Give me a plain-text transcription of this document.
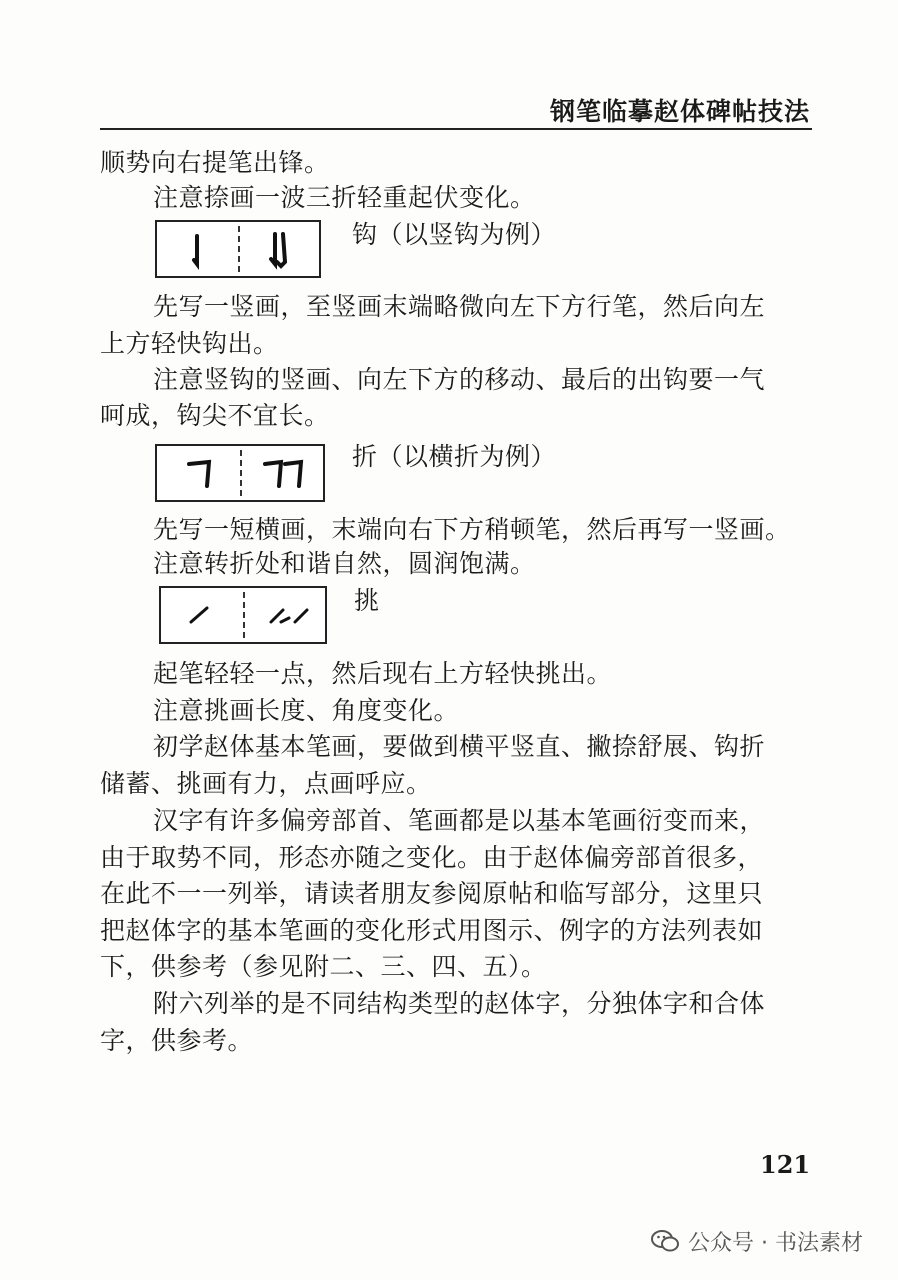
钢笔临摹赵体碑帖技法
顺势向右提笔出锋。
注意捺画一波三折轻重起伏变化。
钩（以竖钩为例）
先写一竖画，至竖画末端略微向左下方行笔，然后向左
上方轻快钩出。
注意竖钩的竖画、向左下方的移动、最后的出钩要一气
呵成，钩尖不宜长。
折（以横折为例）
先写一短横画，末端向右下方稍顿笔，然后再写一竖画。
注意转折处和谐自然，圆润饱满。
挑
起笔轻轻一点，然后现右上方轻快挑出。
注意挑画长度、角度变化。
初学赵体基本笔画，要做到横平竖直、撇捺舒展、钩折
储蓄、挑画有力，点画呼应。
汉字有许多偏旁部首、笔画都是以基本笔画衍变而来，
由于取势不同，形态亦随之变化。由于赵体偏旁部首很多，
在此不一一列举，请读者朋友参阅原帖和临写部分，这里只
把赵体字的基本笔画的变化形式用图示、例字的方法列表如
下，供参考（参见附二、三、四、五）。
附六列举的是不同结构类型的赵体字，分独体字和合体
字，供参考。
121
公众号 · 书法素材
